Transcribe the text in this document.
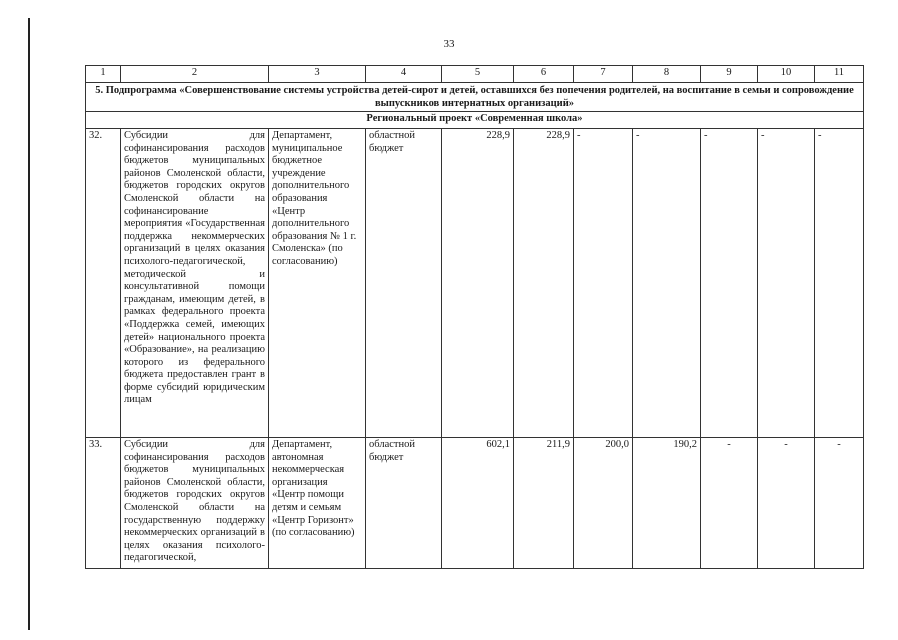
33
1	2	3	4	5	6	7	8	9	10	11
5. Подпрограмма «Совершенствование системы устройства детей-сирот и детей, оставшихся без попечения родителей, на воспитание в семьи и сопровождение выпускников интернатных организаций»										
Региональный проект «Современная школа»										
32.	Субсидии для софинансирования расходов бюджетов муниципальных районов Смоленской области, бюджетов городских округов Смоленской области на софинансирование мероприятия «Государственная поддержка некоммерческих организаций в целях оказания психолого-педагогической, методической и консультативной помощи гражданам, имеющим детей, в рамках федерального проекта «Поддержка семей, имеющих детей» национального проекта «Образование», на реализацию которого из федерального бюджета предоставлен грант в форме субсидий юридическим лицам	Департамент, муниципальное бюджетное учреждение дополнительного образования «Центр дополнительного образования № 1 г. Смоленска» (по согласованию)	областной бюджет	228,9	228,9	-	-	-	-	-
33.	Субсидии для софинансирования расходов бюджетов муниципальных районов Смоленской области, бюджетов городских округов Смоленской области на государственную поддержку некоммерческих организаций в целях оказания психолого-педагогической,	Департамент, автономная некоммерческая организация «Центр помощи детям и семьям «Центр Горизонт» (по согласованию)	областной бюджет	602,1	211,9	200,0	190,2	-	-	-
